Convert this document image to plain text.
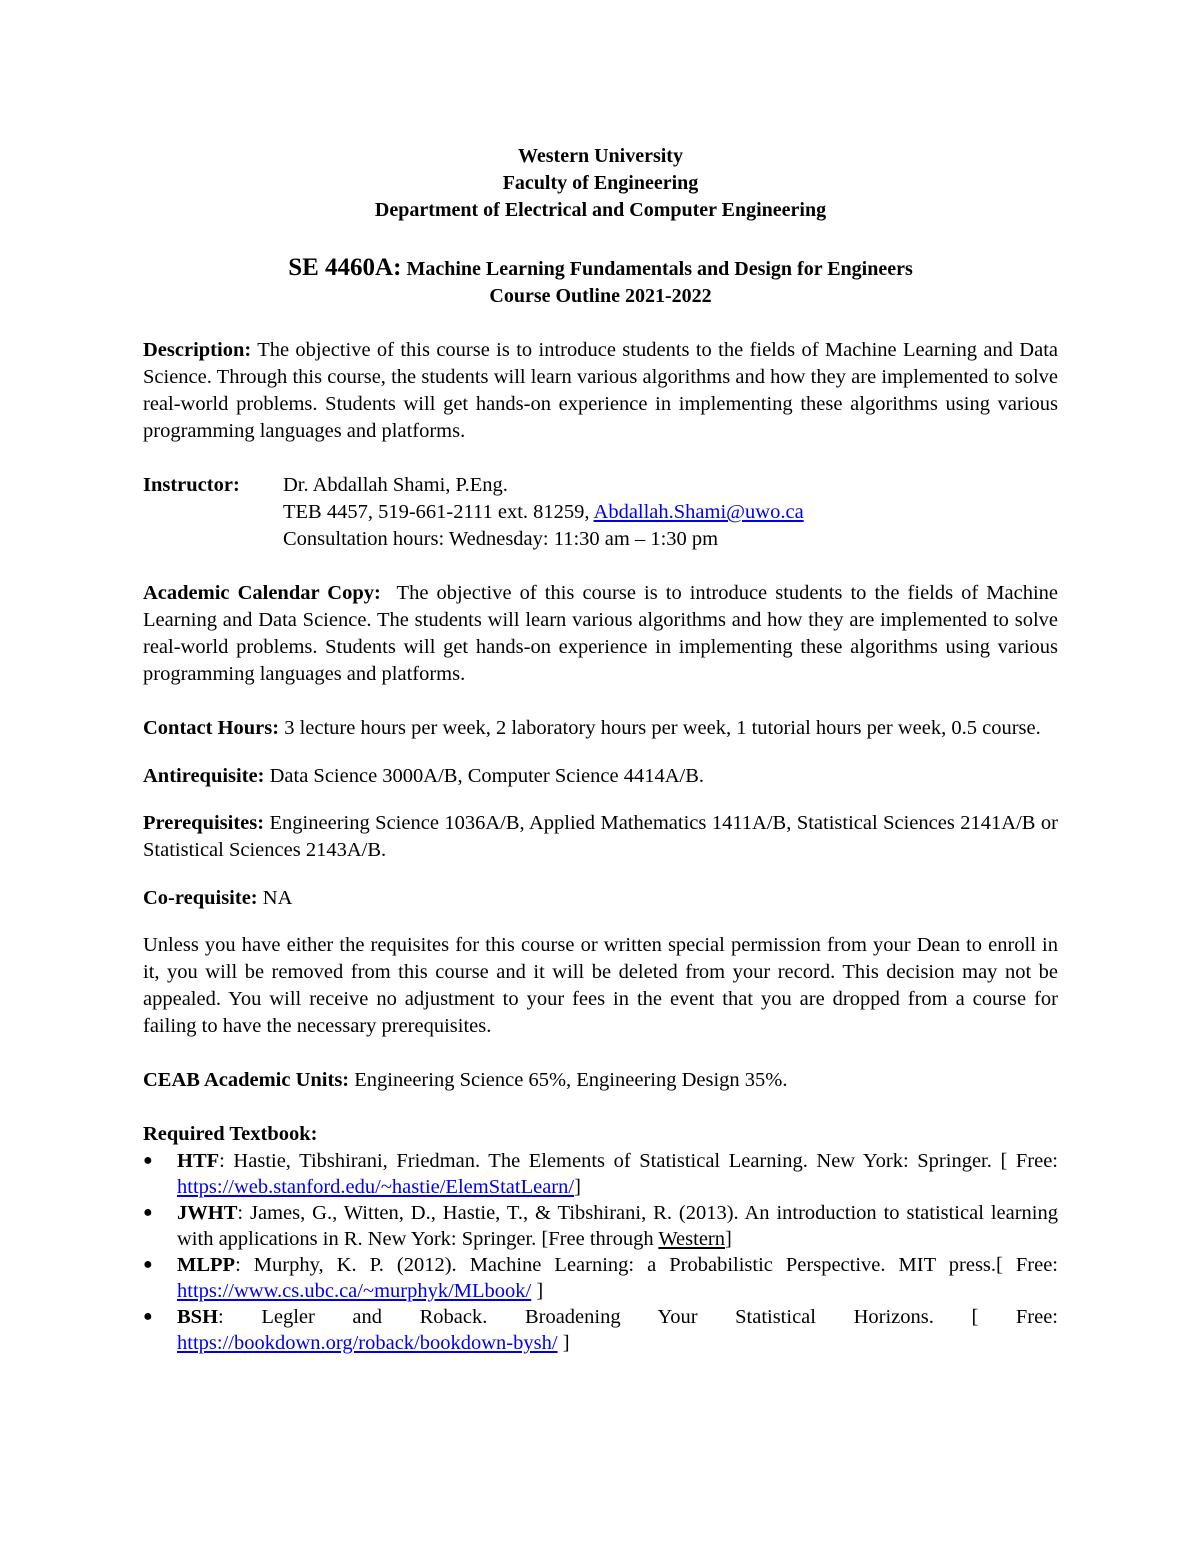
Western University
Faculty of Engineering
Department of Electrical and Computer Engineering
SE 4460A: Machine Learning Fundamentals and Design for Engineers
Course Outline 2021-2022

Description: The objective of this course is to introduce students to the fields of Machine Learning and Data Science. Through this course, the students will learn various algorithms and how they are implemented to solve real-world problems. Students will get hands-on experience in implementing these algorithms using various programming languages and platforms.

Instructor:	Dr. Abdallah Shami, P.Eng.
TEB 4457, 519-661-2111 ext. 81259, Abdallah.Shami@uwo.ca
Consultation hours: Wednesday: 11:30 am – 1:30 pm

Academic Calendar Copy: The objective of this course is to introduce students to the fields of Machine Learning and Data Science. The students will learn various algorithms and how they are implemented to solve real-world problems. Students will get hands-on experience in implementing these algorithms using various programming languages and platforms.

Contact Hours: 3 lecture hours per week, 2 laboratory hours per week, 1 tutorial hours per week, 0.5 course.

Antirequisite: Data Science 3000A/B, Computer Science 4414A/B.

Prerequisites: Engineering Science 1036A/B, Applied Mathematics 1411A/B, Statistical Sciences 2141A/B or Statistical Sciences 2143A/B.

Co-requisite: NA

Unless you have either the requisites for this course or written special permission from your Dean to enroll in it, you will be removed from this course and it will be deleted from your record. This decision may not be appealed. You will receive no adjustment to your fees in the event that you are dropped from a course for failing to have the necessary prerequisites.

CEAB Academic Units: Engineering Science 65%, Engineering Design 35%.

Required Textbook:
●	HTF: Hastie, Tibshirani, Friedman. The Elements of Statistical Learning. New York: Springer. [ Free: https://web.stanford.edu/~hastie/ElemStatLearn/]
●	JWHT: James, G., Witten, D., Hastie, T., & Tibshirani, R. (2013). An introduction to statistical learning with applications in R. New York: Springer. [Free through Western]
●	MLPP: Murphy, K. P. (2012). Machine Learning: a Probabilistic Perspective. MIT press.[ Free: https://www.cs.ubc.ca/~murphyk/MLbook/ ]
●	BSH: Legler and Roback. Broadening Your Statistical Horizons. [ Free: https://bookdown.org/roback/bookdown-bysh/ ]
